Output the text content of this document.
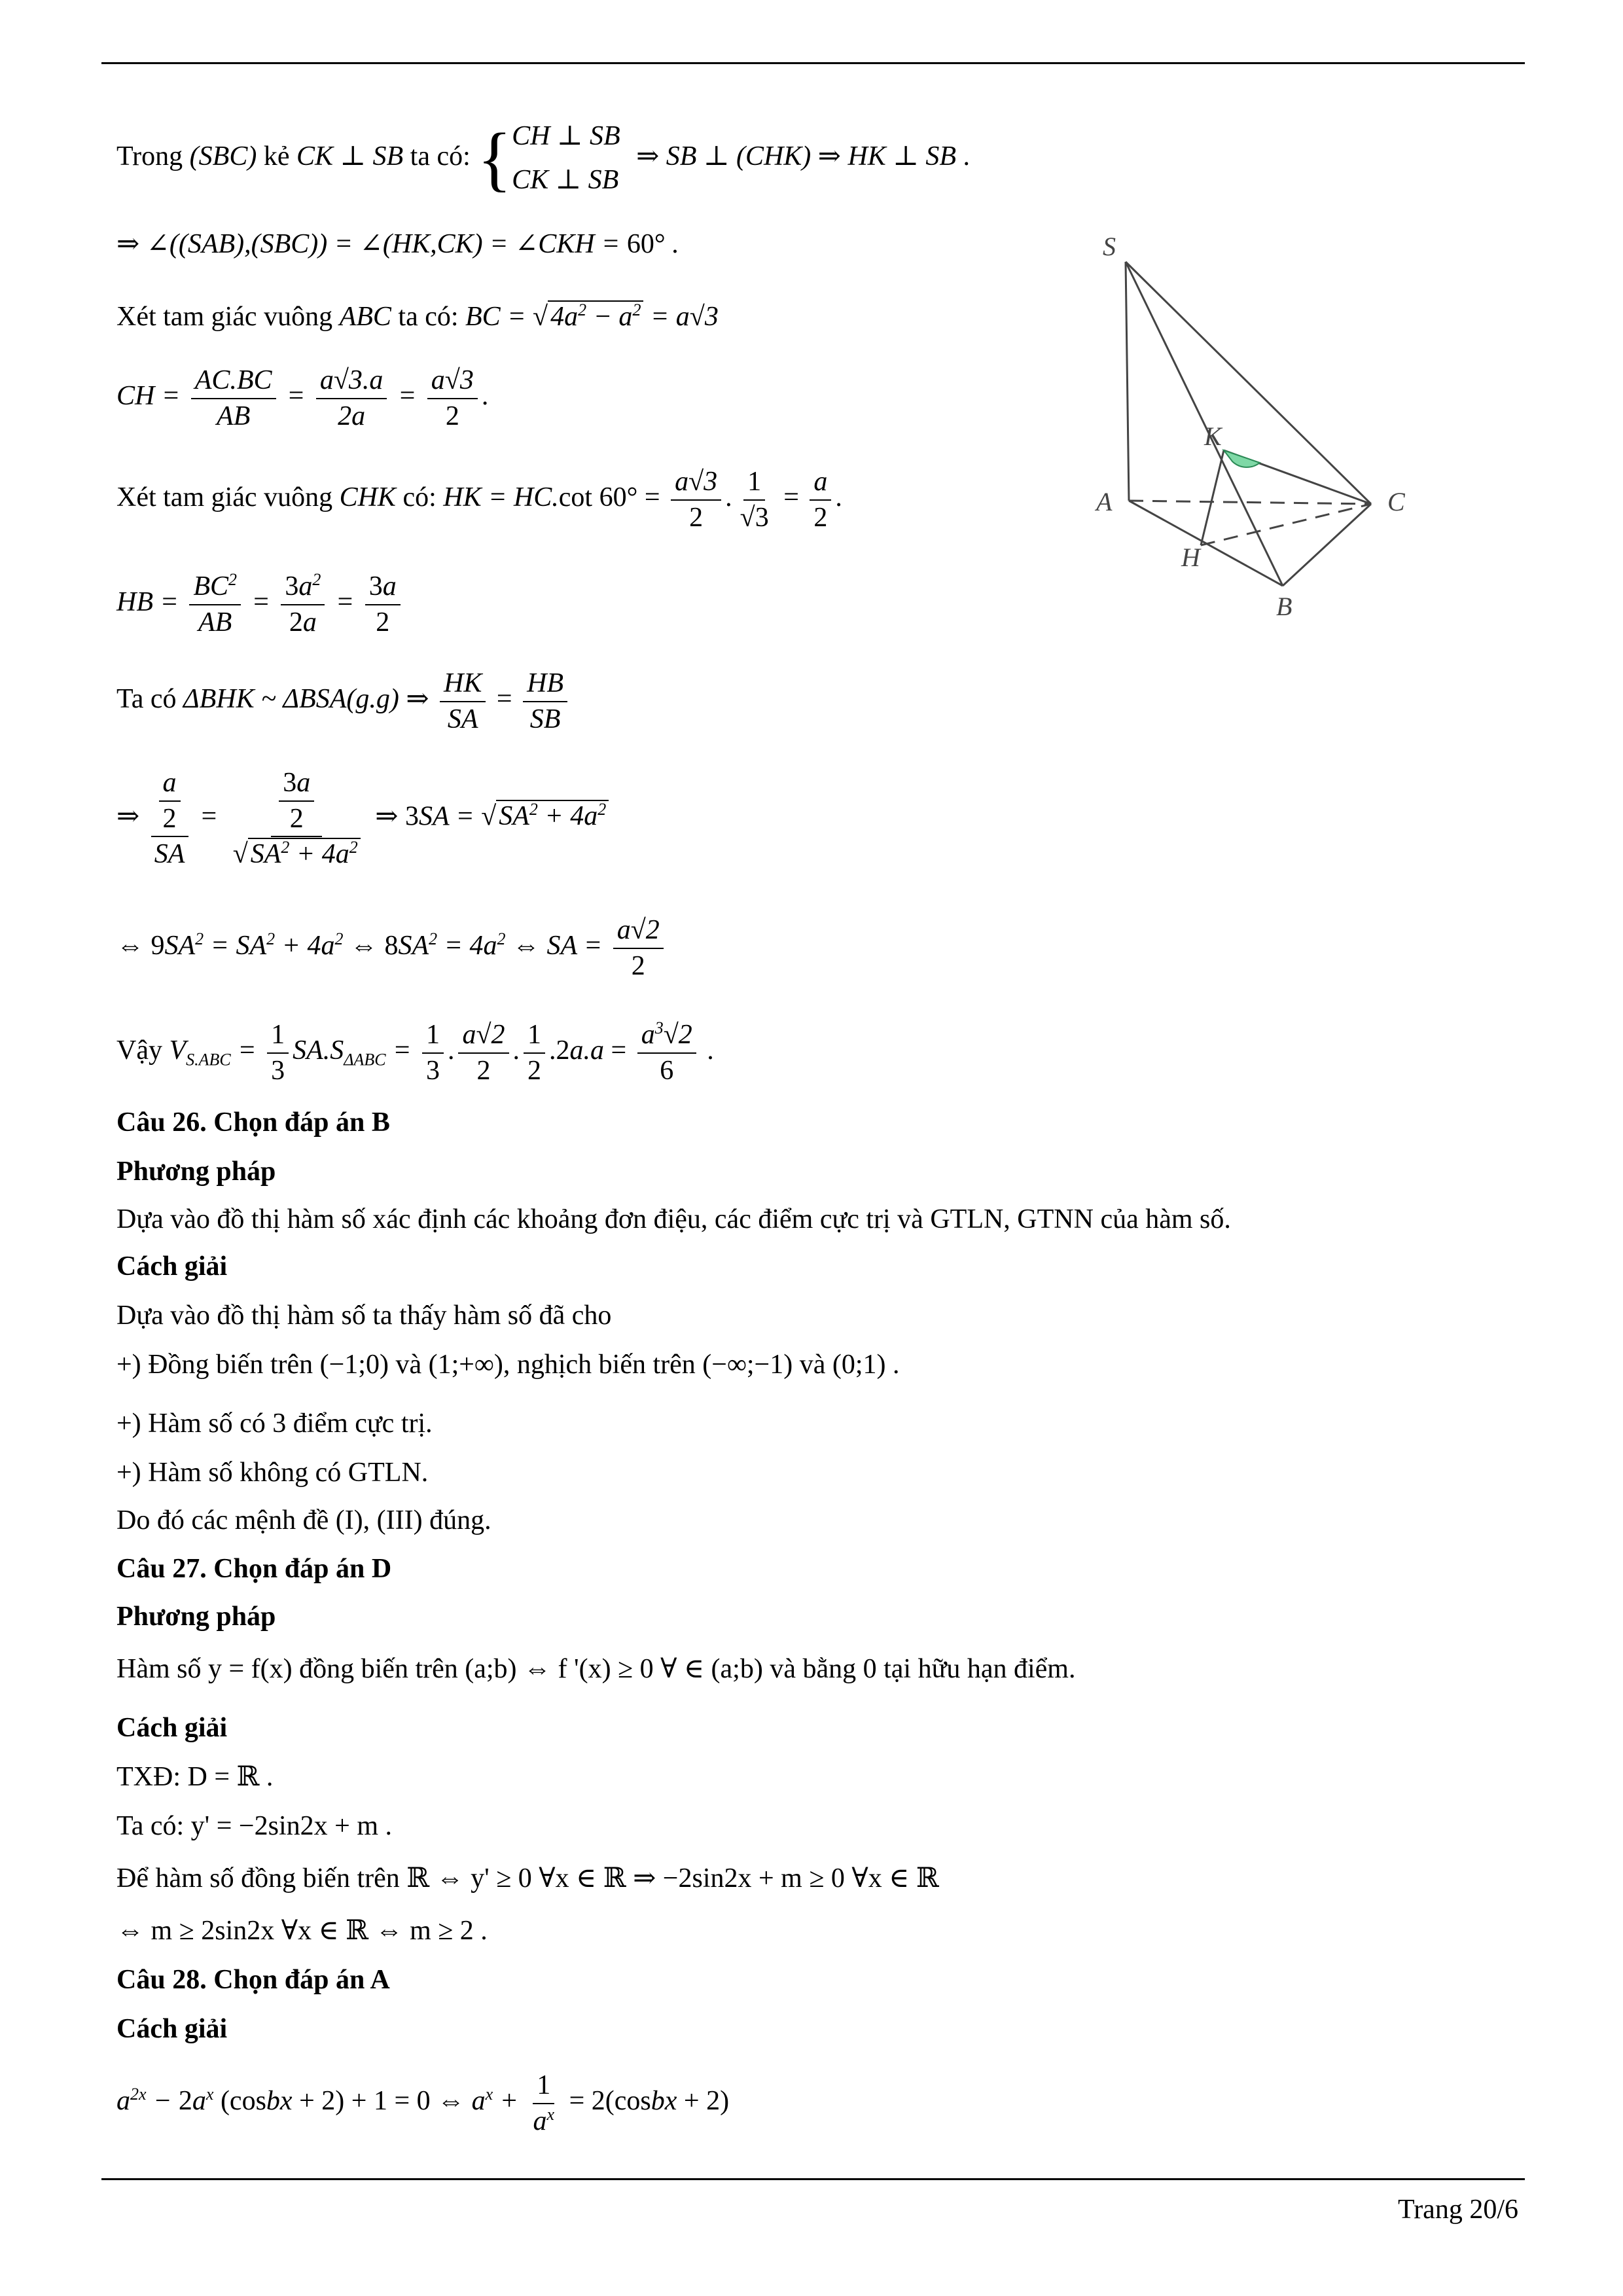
Trong (SBC) kẻ CK ⊥ SB ta có: { CH ⊥ SB
CK ⊥ SB
⇒ SB ⊥ (CHK) ⇒ HK ⊥ SB .
⇒ ∠((SAB),(SBC)) = ∠(HK,CK) = ∠CKH = 60° .
Xét tam giác vuông ABC ta có: BC = $√4a^2 - a^2 = a√3$
CH = $\frac{AC.BC}{AB} = \frac{a√3.a}{2a} = \frac{a√3}{2}$ .
Xét tam giác vuông CHK có: HK = HC.cot $60^\circ = \frac{a√3}{2}$ . $\frac{1}{√3} = \frac{a}{2}$ .
HB = $\frac{BC^2}{AB} = \frac{3a^2}{2a} = \frac{3a}{2}$
Ta có ΔBHK ~ ΔBSA(g.g) ⇒ $\frac{HK}{SA} = \frac{HB}{SB}$
⇒ $\frac{\frac{a}{2}}{SA} = \frac{\frac{3a}{2}}{√SA^2 + 4a^2}$ ⇒ $3SA = √SA^2 + 4a^2$
⇔ $9SA^2 = SA^2 + 4a^2$ ⇔ $8SA^2 = 4a^2$ ⇔ SA = $\frac{a√2}{2}$
Vậy $V_{S.ABC} = \frac{1}{3} SA.S_{\Delta ABC} = \frac{1}{3}$ . $\frac{a√2}{2}$ . $\frac{1}{2} .2a.a = \frac{a^3√2}{6}$ .
Câu 26. Chọn đáp án B
Phương pháp
Dựa vào đồ thị hàm số xác định các khoảng đơn điệu, các điểm cực trị và GTLN, GTNN của hàm số.
Cách giải
Dựa vào đồ thị hàm số ta thấy hàm số đã cho
+) Đồng biến trên (−1;0) và (1;+∞), nghịch biến trên (−∞;−1) và (0;1) .
+) Hàm số có 3 điểm cực trị.
+) Hàm số không có GTLN.
Do đó các mệnh đề (I), (III) đúng.
Câu 27. Chọn đáp án D
Phương pháp
Hàm số y = f(x) đồng biến trên (a;b) ⇔ f '(x) ≥ 0 ∀ ∈ (a;b) và bằng 0 tại hữu hạn điểm.
Cách giải
TXĐ: D = ℝ .
Ta có: y' = −2sin2x + m .
Để hàm số đồng biến trên ℝ ⇔ y' ≥ 0 ∀x ∈ ℝ ⇒ −2sin2x + m ≥ 0 ∀x ∈ ℝ
⇔ m ≥ 2sin2x ∀x ∈ ℝ ⇔ m ≥ 2 .
Câu 28. Chọn đáp án A
Cách giải
$a^{2x} - 2a^x$ (cosbx + 2) + 1 = 0 ⇔ $a^x + \frac{1}{a^x}$ = 2(cosbx + 2)
S
K
A	C
H
B
Trang 20/6
